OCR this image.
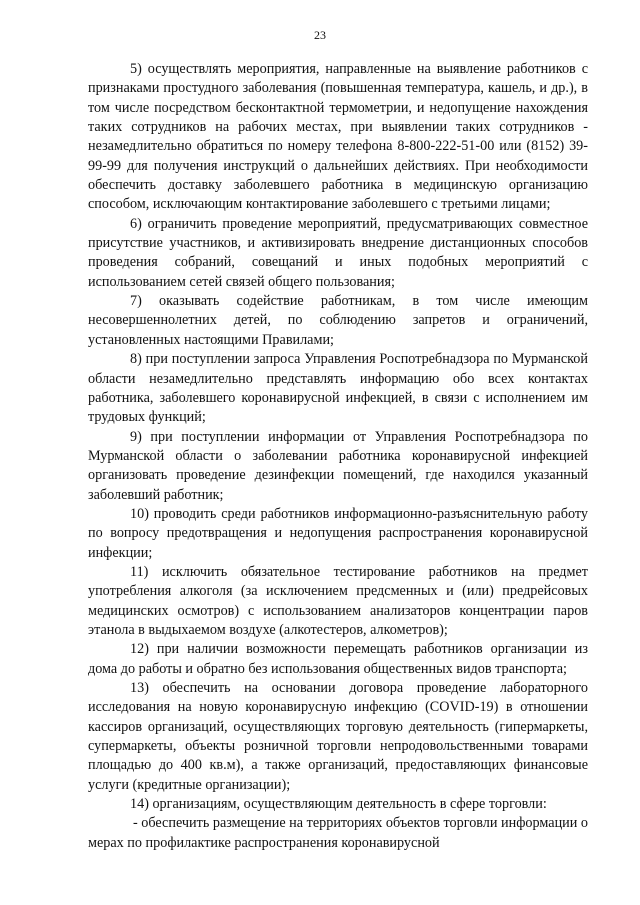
23

5) осуществлять мероприятия, направленные на выявление работников с признаками простудного заболевания (повышенная температура, кашель, и др.), в том числе посредством бесконтактной термометрии, и недопущение нахождения таких сотрудников на рабочих местах, при выявлении таких сотрудников - незамедлительно обратиться по номеру телефона 8-800-222-51-00 или (8152) 39-99-99 для получения инструкций о дальнейших действиях. При необходимости обеспечить доставку заболевшего работника в медицинскую организацию способом, исключающим контактирование заболевшего с третьими лицами;

6) ограничить проведение мероприятий, предусматривающих совместное присутствие участников, и активизировать внедрение дистанционных способов проведения собраний, совещаний и иных подобных мероприятий с использованием сетей связей общего пользования;

7) оказывать содействие работникам, в том числе имеющим несовершеннолетних детей, по соблюдению запретов и ограничений, установленных настоящими Правилами;

8) при поступлении запроса Управления Роспотребнадзора по Мурманской области незамедлительно представлять информацию обо всех контактах работника, заболевшего коронавирусной инфекцией, в связи с исполнением им трудовых функций;

9) при поступлении информации от Управления Роспотребнадзора по Мурманской области о заболевании работника коронавирусной инфекцией организовать проведение дезинфекции помещений, где находился указанный заболевший работник;

10) проводить среди работников информационно-разъяснительную работу по вопросу предотвращения и недопущения распространения коронавирусной инфекции;

11) исключить обязательное тестирование работников на предмет употребления алкоголя (за исключением предсменных и (или) предрейсовых медицинских осмотров) с использованием анализаторов концентрации паров этанола в выдыхаемом воздухе (алкотестеров, алкометров);

12) при наличии возможности перемещать работников организации из дома до работы и обратно без использования общественных видов транспорта;

13) обеспечить на основании договора проведение лабораторного исследования на новую коронавирусную инфекцию (COVID-19) в отношении кассиров организаций, осуществляющих торговую деятельность (гипермаркеты, супермаркеты, объекты розничной торговли непродовольственными товарами площадью до 400 кв.м), а также организаций, предоставляющих финансовые услуги (кредитные организации);

14) организациям, осуществляющим деятельность в сфере торговли:

- обеспечить размещение на территориях объектов торговли информации о мерах по профилактике распространения коронавирусной
